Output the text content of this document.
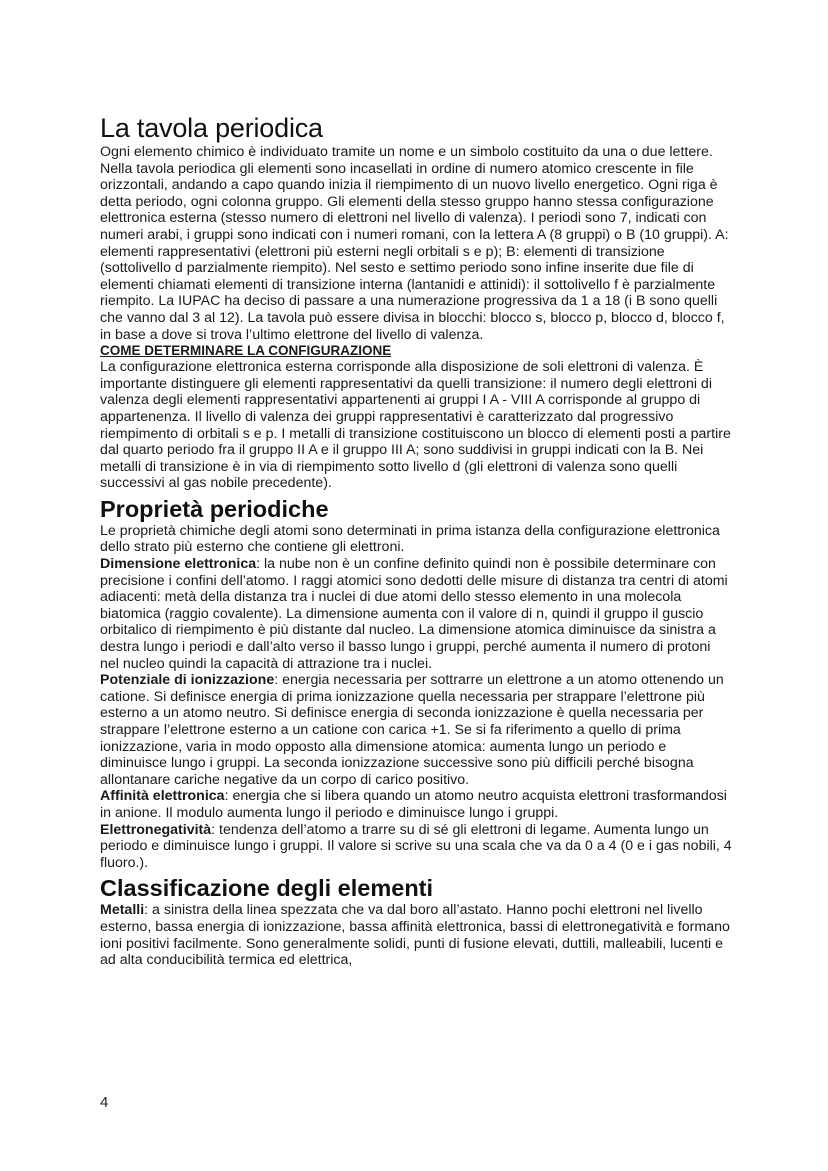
La tavola periodica

Ogni elemento chimico è individuato tramite un nome e un simbolo costituito da una o due lettere. Nella tavola periodica gli elementi sono incasellati in ordine di numero atomico crescente in file orizzontali, andando a capo quando inizia il riempimento di un nuovo livello energetico. Ogni riga è detta periodo, ogni colonna gruppo. Gli elementi della stesso gruppo hanno stessa configurazione elettronica esterna (stesso numero di elettroni nel livello di valenza). I periodi sono 7, indicati con numeri arabi, i gruppi sono indicati con i numeri romani, con la lettera A (8 gruppi) o B (10 gruppi). A: elementi rappresentativi (elettroni più esterni negli orbitali s e p); B: elementi di transizione (sottolivello d parzialmente riempito). Nel sesto e settimo periodo sono infine inserite due file di elementi chiamati elementi di transizione interna (lantanidi e attinidi): il sottolivello f è parzialmente riempito. La IUPAC ha deciso di passare a una numerazione progressiva da 1 a 18 (i B sono quelli che vanno dal 3 al 12). La tavola può essere divisa in blocchi: blocco s, blocco p, blocco d, blocco f, in base a dove si trova l’ultimo elettrone del livello di valenza.

COME DETERMINARE LA CONFIGURAZIONE

La configurazione elettronica esterna corrisponde alla disposizione de soli elettroni di valenza. È importante distinguere gli elementi rappresentativi da quelli transizione: il numero degli elettroni di valenza degli elementi rappresentativi appartenenti ai gruppi I A - VIII A corrisponde al gruppo di appartenenza. Il livello di valenza dei gruppi rappresentativi è caratterizzato dal progressivo riempimento di orbitali s e p. I metalli di transizione costituiscono un blocco di elementi posti a partire dal quarto periodo fra il gruppo II A e il gruppo III A; sono suddivisi in gruppi indicati con la B. Nei metalli di transizione è in via di riempimento sotto livello d (gli elettroni di valenza sono quelli successivi al gas nobile precedente).

Proprietà periodiche

Le proprietà chimiche degli atomi sono determinati in prima istanza della configurazione elettronica dello strato più esterno che contiene gli elettroni.

Dimensione elettronica: la nube non è un confine definito quindi non è possibile determinare con precisione i confini dell’atomo. I raggi atomici sono dedotti delle misure di distanza tra centri di atomi adiacenti: metà della distanza tra i nuclei di due atomi dello stesso elemento in una molecola biatomica (raggio covalente). La dimensione aumenta con il valore di n, quindi il gruppo il guscio orbitalico di riempimento è più distante dal nucleo. La dimensione atomica diminuisce da sinistra a destra lungo i periodi e dall’alto verso il basso lungo i gruppi, perché aumenta il numero di protoni nel nucleo quindi la capacità di attrazione tra i nuclei.

Potenziale di ionizzazione: energia necessaria per sottrarre un elettrone a un atomo ottenendo un catione. Si definisce energia di prima ionizzazione quella necessaria per strappare l’elettrone più esterno a un atomo neutro. Si definisce energia di seconda ionizzazione è quella necessaria per strappare l’elettrone esterno a un catione con carica +1. Se si fa riferimento a quello di prima ionizzazione, varia in modo opposto alla dimensione atomica: aumenta lungo un periodo e diminuisce lungo i gruppi. La seconda ionizzazione successive sono più difficili perché bisogna allontanare cariche negative da un corpo di carico positivo.

Affinità elettronica: energia che si libera quando un atomo neutro acquista elettroni trasformandosi in anione. Il modulo aumenta lungo il periodo e diminuisce lungo i gruppi.

Elettronegatività: tendenza dell’atomo a trarre su di sé gli elettroni di legame. Aumenta lungo un periodo e diminuisce lungo i gruppi. Il valore si scrive su una scala che va da 0 a 4 (0 e i gas nobili, 4 fluoro.).

Classificazione degli elementi

Metalli: a sinistra della linea spezzata che va dal boro all’astato. Hanno pochi elettroni nel livello esterno, bassa energia di ionizzazione, bassa affinità elettronica, bassi di elettronegatività e formano ioni positivi facilmente. Sono generalmente solidi, punti di fusione elevati, duttili, malleabili, lucenti e ad alta conducibilità termica ed elettrica,

4
